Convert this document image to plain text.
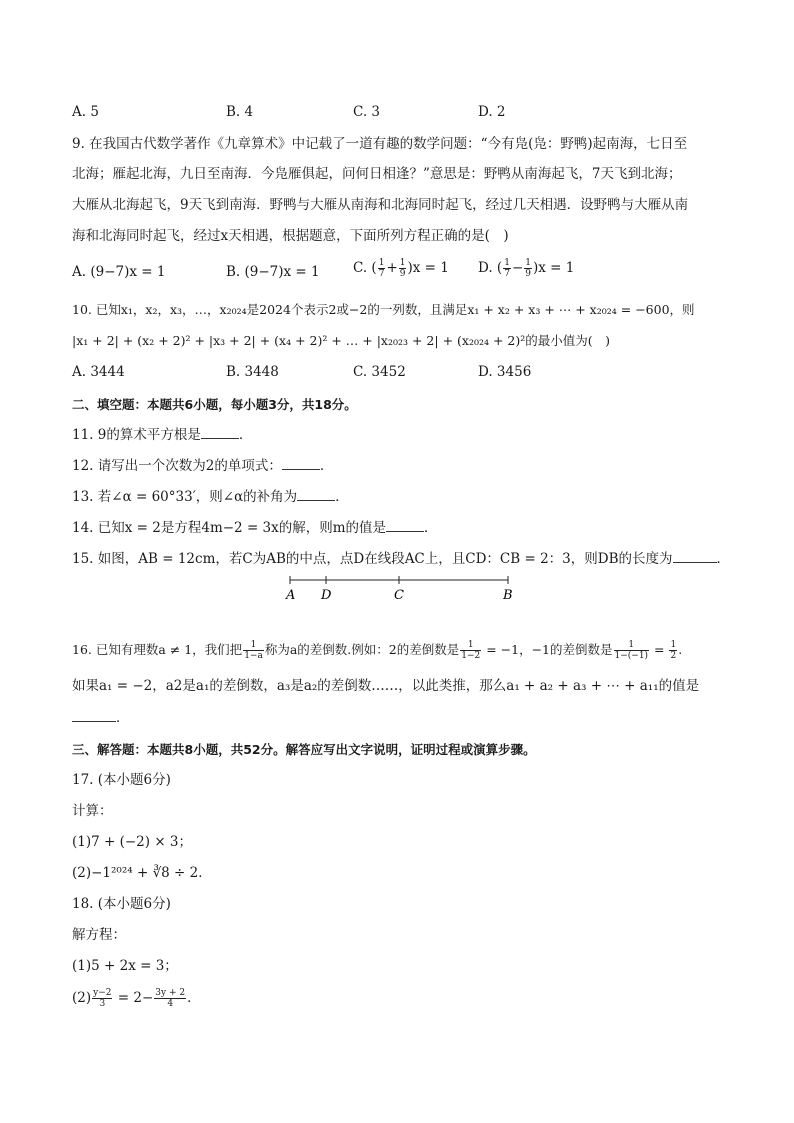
A. 5	B. 4	C. 3	D. 2
9. 在我国古代数学著作《九章算术》中记载了一道有趣的数学问题：“今有凫(凫：野鸭)起南海，七日至
北海；雁起北海，九日至南海．今凫雁俱起，问何日相逢？”意思是：野鸭从南海起飞，7天飞到北海；
大雁从北海起飞，9天飞到南海．野鸭与大雁从南海和北海同时起飞，经过几天相遇．设野鸭与大雁从南
海和北海同时起飞，经过x天相遇，根据题意，下面所列方程正确的是(　)
A. (9−7)x = 1	B. (9−7)x = 1 C. ( $\frac{1}{7} + \frac{1}{9} )x = 1$ D. ( $\frac{1}{7} - \frac{1}{9} )x = 1$
10. 已知x₁，x₂，x₃，…，x₂₀₂₄是2024个表示2或−2的一列数，且满足x₁ + x₂ + x₃ + ⋯ + x₂₀₂₄ = −600，则
|x₁ + 2| + (x₂ + 2)² + |x₃ + 2| + (x₄ + 2)² + … + |x₂₀₂₃ + 2| + (x₂₀₂₄ + 2)²的最小值为(　)
A. 3444	B. 3448	C. 3452	D. 3456
二、填空题：本题共6小题，每小题3分，共18分。
11. 9的算术平方根是	．
12. 请写出一个次数为2的单项式：	．
13. 若∠α = 60°33′，则∠α的补角为	．
14. 已知x = 2是方程4m−2 = 3x的解，则m的值是	．
15. 如图，AB = 12cm，若C为AB的中点，点D在线段AC上，且CD：CB = 2：3，则DB的长度为	．
A D	C	B
16. 已知有理数a ≠ 1，我们把 $\frac{1}{1-a}$ 称为a的差倒数.例如：2的差倒数是 $\frac{1}{1-2} = -1$，−1的差倒数是 $\frac{1}{1-(-1)} = \frac{1}{2}$ .
如果a₁ = −2，a2是a₁的差倒数，a₃是a₂的差倒数……，以此类推，那么a₁ + a₂ + a₃ + ⋯ + a₁₁的值是
．
三、解答题：本题共8小题，共52分。解答应写出文字说明，证明过程或演算步骤。
17. (本小题6分)
计算：
(1)7 + (−2) × 3；
(2)−1²⁰²⁴ + ∛8 ÷ 2．
18. (本小题6分)
解方程：
(1)5 + 2x = 3；
$(2) \frac{y-2}{3} = 2- \frac{3y + 2}{4}$ ．
